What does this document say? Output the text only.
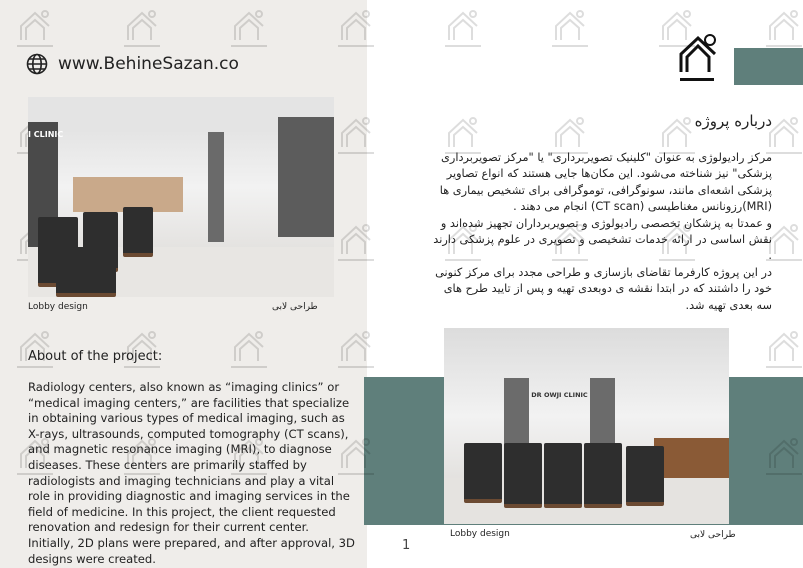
www.BehineSazan.co
I CLINIC
Lobby design	طراحی لابی
About of the project:
Radiology centers, also known as “imaging clinics” or “medical imaging centers,” are facilities that specialize in obtaining various types of medical imaging, such as X-rays, ultrasounds, computed tomography (CT scans), and magnetic resonance imaging (MRI), to diagnose diseases. These centers are primarily staffed by radiologists and imaging technicians and play a vital role in providing diagnostic and imaging services in the field of medicine. In this project, the client requested renovation and redesign for their current center. Initially, 2D plans were prepared, and after approval, 3D designs were created.
درباره پروژه
مرکز رادیولوژی به عنوان "کلینیک تصویربرداری" یا "مرکز تصویربرداری پزشکی" نیز شناخته می‌شود. این مکان‌ها جایی هستند که انواع تصاویر پزشکی اشعه‌ای مانند، سونوگرافی، توموگرافی برای تشخیص بیماری ها
(MRI)رزونانس مغناطیسی (CT scan) انجام می دهند .
و عمدتا به پزشکان تخصصی رادیولوژی و تصویربرداران تجهیز شده‌اند و نقش اساسی در ارائه خدمات تشخیصی و تصویری در علوم پزشکی دارند .
در این پروژه کارفرما تقاضای بازسازی و طراحی مجدد برای مرکز کنونی خود را داشتند که در ابتدا نقشه ی دوبعدی تهیه و پس از تایید طرح های سه بعدی تهیه شد.
DR OWJI CLINIC
Lobby design	طراحی لابی
1
